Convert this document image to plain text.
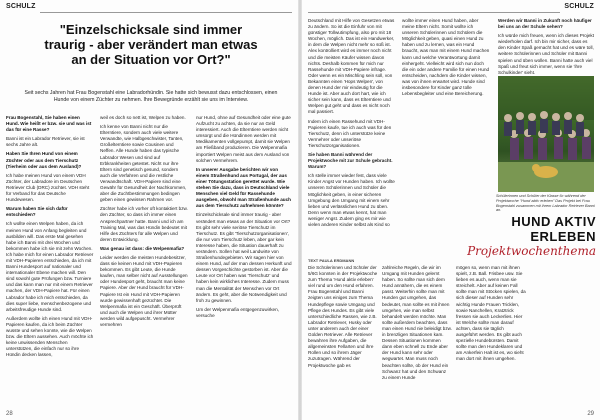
SCHULZ
"Einzelschicksale sind immer traurig - aber verändert man etwas an der Situation vor Ort?"
Seit sechs Jahren hat Frau Bogenstahl eine Labradorhündin. Sie hatte sich bewusst dazu entschlossen, einen Hunde von einem Züchter zu nehmen. Ihre Bewegründe erzählt sie uns im Interview.

Frau Bogenstahl, Sie haben einen Hund. Wie heißt er bzw. sie und was ist das für eine Rasse?

Banni ist ein Labrador Retriever, sie ist sechs Jahre alt.

Haben Sie Ihren Hund von einem Züchter oder aus dem Tierschutz (Tierheim oder aus dem Ausland)?

Ich habe meinen Hund von einem VDH Züchter, der Labradore im Deutschen Retriever Club (DRC) züchtet. VDH steht für Verband für das Deutsche Hundewesen.

Warum haben Sie sich dafür entschieden?

Ich wollte einen Welpen haben, da ich meinen Hund von Anfang begleiten und ausbilden will. Das erste Mal gesehen habe ich Banni mit drei Wochen und bekommen habe ich sie mit zehn Wochen. Ich habe mich für einen Labrador Retriever mit VDH-Papieren entschieden, da ich mit Banni Hundesport auf nationaler und internationaler Ebene machen will. Den sind sowohl gute Prüfungen bzw. Turniere und das kann man nur mit einem Retriever machen, der VDH-Papiere hat. Für einen Labrador habe ich mich entschieden, da dies super liebe, menschenbezogene und arbeitsfreudige Hunde sind.

Außerdem wollte ich einen Hund mit VDH-Papieren kaufen, da ich beim Züchter wusste und sehen konnte, wie die Welpen bzw. die Eltern aussehen. Auch möchte ich keine unwissenden Menschen unterstützen, die einfach nur so ihre Hündin decken lassen,

weil es doch so nett ist, Welpen zu haben.

Ich kenne von Banni nicht nur die Elterntiere, sondern auch viele weitere Verwandte, wie Halbgeschwister, Tanten, Großelterntiere sowie Cousinen und Neffen. Alle Hunde haben das typische Labrador Wesen und sind auf Erbkrankheiten getestet. Nicht nur ihre Eltern sind genetisch gesund, sondern auch die Verfahren und die restliche Verwandtschaft. VDH-Papiere sind eine Gewähr für Gesundheit der Nachkommen, aber die Zuchtbestimmungen bedingen geben einen gewissen Rahmen vor.

Züchter habe ich vorher oft kontaktiert bzw. den Züchter, so dass ich immer einen Ansprechpartner hatte. Banni und ich am Training Mal, was das Hündin bedeutet mit Hilfe des Züchters für alle Welpen und deren Entwicklung.

Was genau ist dass: die Welpenmafia?

Leider werden die meisten Hundebesitzer, dass sie keinen Hund mit VDH-Papieren bekommen. Es gibt Leute, die Hunde kaufen, man selber nicht auf Ausstellungen oder Hundesport geht, braucht man keine Papiere. Aber der Hund braucht für VDH-Papiere Ist ein Hund mit VDH-Papieren wurde gewissenhaft gezüchtet. Die Welpenmafia ist ein Geschäft. Überprüft und auch die Welpen und ihrer Mütter werden wild aufgepuscht. Vermehrer vermehren

nur Hund, ohne auf Gesundheit oder eine gute Aufzucht zu achten, da sie nur an Geld interessiert. Auch die Elterntiere werden nicht umsorgt und die Hündinnen werden mit Medikamenten vollgepumpt, damit sie Welpen am Fließband produzieren. Die Welpenmafia importiert Welpen meist aus dem Ausland von solchen Vermehrern.

In unserer Ausgabe berichten wir von einem Straßenhund aus Portugal, der aus einer Tötungsstation gerettet wurde. Wie stehen Sie dazu, dass in Deutschland viele Menschen viel Geld für Rassehunde ausgeben, obwohl man Straßenhunde auch aus dem Tierschutz aufnehmen könnte?

Einzelschicksale sind immer traurig - aber verändert man etwas an der Situation vor Ort? Es gibt sehr viele seriöse Tierschutz im Tierschutz. Es gibt 'Tierschutzorganisationen', die nur vom Tierschutz leben, aber gar kein Interesse haben, die Situation dauerhaft zu verändern. Sollen hat weil Landwirte von Straßenhundegebieten. Wir sagen hier von einem Hund, auf der man dessen Herkunft und dessen Vorgeschichte gestorben ist. Aber die Leute vor Ort haben was 'Tierschutz' und haben kein wirkliches Interesse. Zudem muss man die Mentalität der Menschen vor Ort ändern. Es geht, aber die Notwendigkeit und froh zu gewinnen.

Um der Welpenmafia entgegenzuwirken, versuche

28
SCHULZ

Deutschland mit Hilfe von Gesetzen etwas zu ändern. So ist die Einfuhr von mit günstiger Tollwutimpfung, also pro mit 18 Wochen, möglich. Das ist ein Handwerker, in dem die Welpen nicht mehr so süß ist. Alex kontrolliert wird es immer noch nicht und die meisten Käufer wissen davon nichts. Deshalb kommen für mich nur Rassehunde mit VDH-Papiere infrage. Oder wenn es ein Mischling sein soll, von Bekannten einen 'Hops Welpen', von denen Hund der mir eindeutig für die Hunde ist. Aber auch dort hart, wie ich sicher sein kann, dass es Elterntiere und Welpen gut geht und dass es nicht noch mal passiert.

Indem ich einen Rassehund mit VDH-Papieren kaufe, tue ich auch was für den Tierschutz, denn ich unterstütze keine Vermehrer oder unseriöse Tierschutzorganisationen.

Sie haben Banni während der Projektwoche mit zur Schule gebracht. Warum?

Ich stelle immer wieder fest, dass viele Kinder Angst vor Hunden haben. Ich wollte unseren Schülerinnen und Schüler die Möglichkeit geben, in einer sicheren Umgebung den Umgang mit einem sehr lieben und verlässlichen Hund zu üben. Denn wenn man etwas kennt, hat man weniger Angst. Zudem ging es mir wie vielen anderen Kinder selbst als Kind so

wollte immer einen Hund haben, aber meine Eltern nicht. Somit wollte ich unseren Schülerinnen und Schülern die Möglichkeit geben, quasi einen Hund zu haben und zu lernen, was ein Hund braucht, was man mit einem Hund machen kann und welche Verantwortung damit einhergeht. Vielleicht wird sich nun doch die ein oder andere Familie für einen Hund entscheiden, nachdem die Kinder wissen, was von ihnen erwartet wird. Hunde sind insbesondere für Kinder ganz tolle Lebensbegleiter und eine Bereicherung.

Werden wir Banni in Zukunft noch häufiger bei uns an der Schule sehen?

Ich würde mich freuen, wenn ich dieses Projekt wiederholen darf. Ich bin mir sicher, dass es den Kinder Spaß gemacht hat und es wäre toll, weitere Schülerinnen und Schüler mit Banni spielen und üben wollen. Banni hatte auch viel Spaß und freut sich immer, wenn sie 'ihre Schulkinder' sieht.

Schülerinnen und Schüler der Klasse 6c während der Projektwoche "Hund aktiv erleben" Das Projekt bei Frau Bogenstahl zusammen mit ihrem Labrador Retriever Banni an.
HUND AKTIV ERLEBEN
Projektwochenthema
TEXT PAULA ERDMANN

Die Schülerinnen und Schüler der 5/6G konnten in der Projektwoche zum Thema 'Hund aktiv erleben' viel rund um den Hund erfahren. Frau Bogenstahl und Banni zeigten uns einiges zum Thema Hundepflege sowie Umgang und Pflege des Hundes. Es gibt viele unterschiedliche Rassen, wie z.B. Labrador Retriever, Husky oder unter anderem auch der einer Golden Retriever. Alle Retriever bewahren ihre Aufgaben, die allgemeinsten Fellarten und ihre Rollen und so ihrem Jäger zuzutragen. Während der Projektwoche gab es

zahlreiche Regeln, die wir im Umgang mit Hunden gelernt haben. So sollte man sich dem Hund annähern, die es einem passt. Weiterhin sollte man mit Hunden gut umgehen, das bedeutet, man sollte es mit ihnen umgehen, wie man selbst behandelt werden möchte. Man sollte außerdem beachten, dass man einen Hund nie beleidigt bzw. in brenzligen Situationen kam. Dessen Situationen kommen dann eben schnell zu Ende aber der Hund kann sehr oder wegwartet. Man muss noch beachten sollte, ob der Hund ein Schwanz hat und den Schwanz zu einem Hunde

mögen so, wenn man mit ihnen spielt, z.B. Ball. Frisbee usw. Sie lieben es auch, wenn man sie streichelt. Aber auf keinen Fall sollte man mit Stöcken spielen, da sich dieser auf Hunden sehr wichtig Hunde Frauen Tricklen, sowie Nanchellen, Kratztrick fressen sie auch Leckerlies. Hier ist Welche sollte man darauf achten, dass sie täglich ausgeführt werden. Es gibt auch spezielle Hundebürsten. Damit sollte man den Hundeklaren und am Ankerfein Halt ist es, wo sieht man dort mit ihnen umgehen.

29
